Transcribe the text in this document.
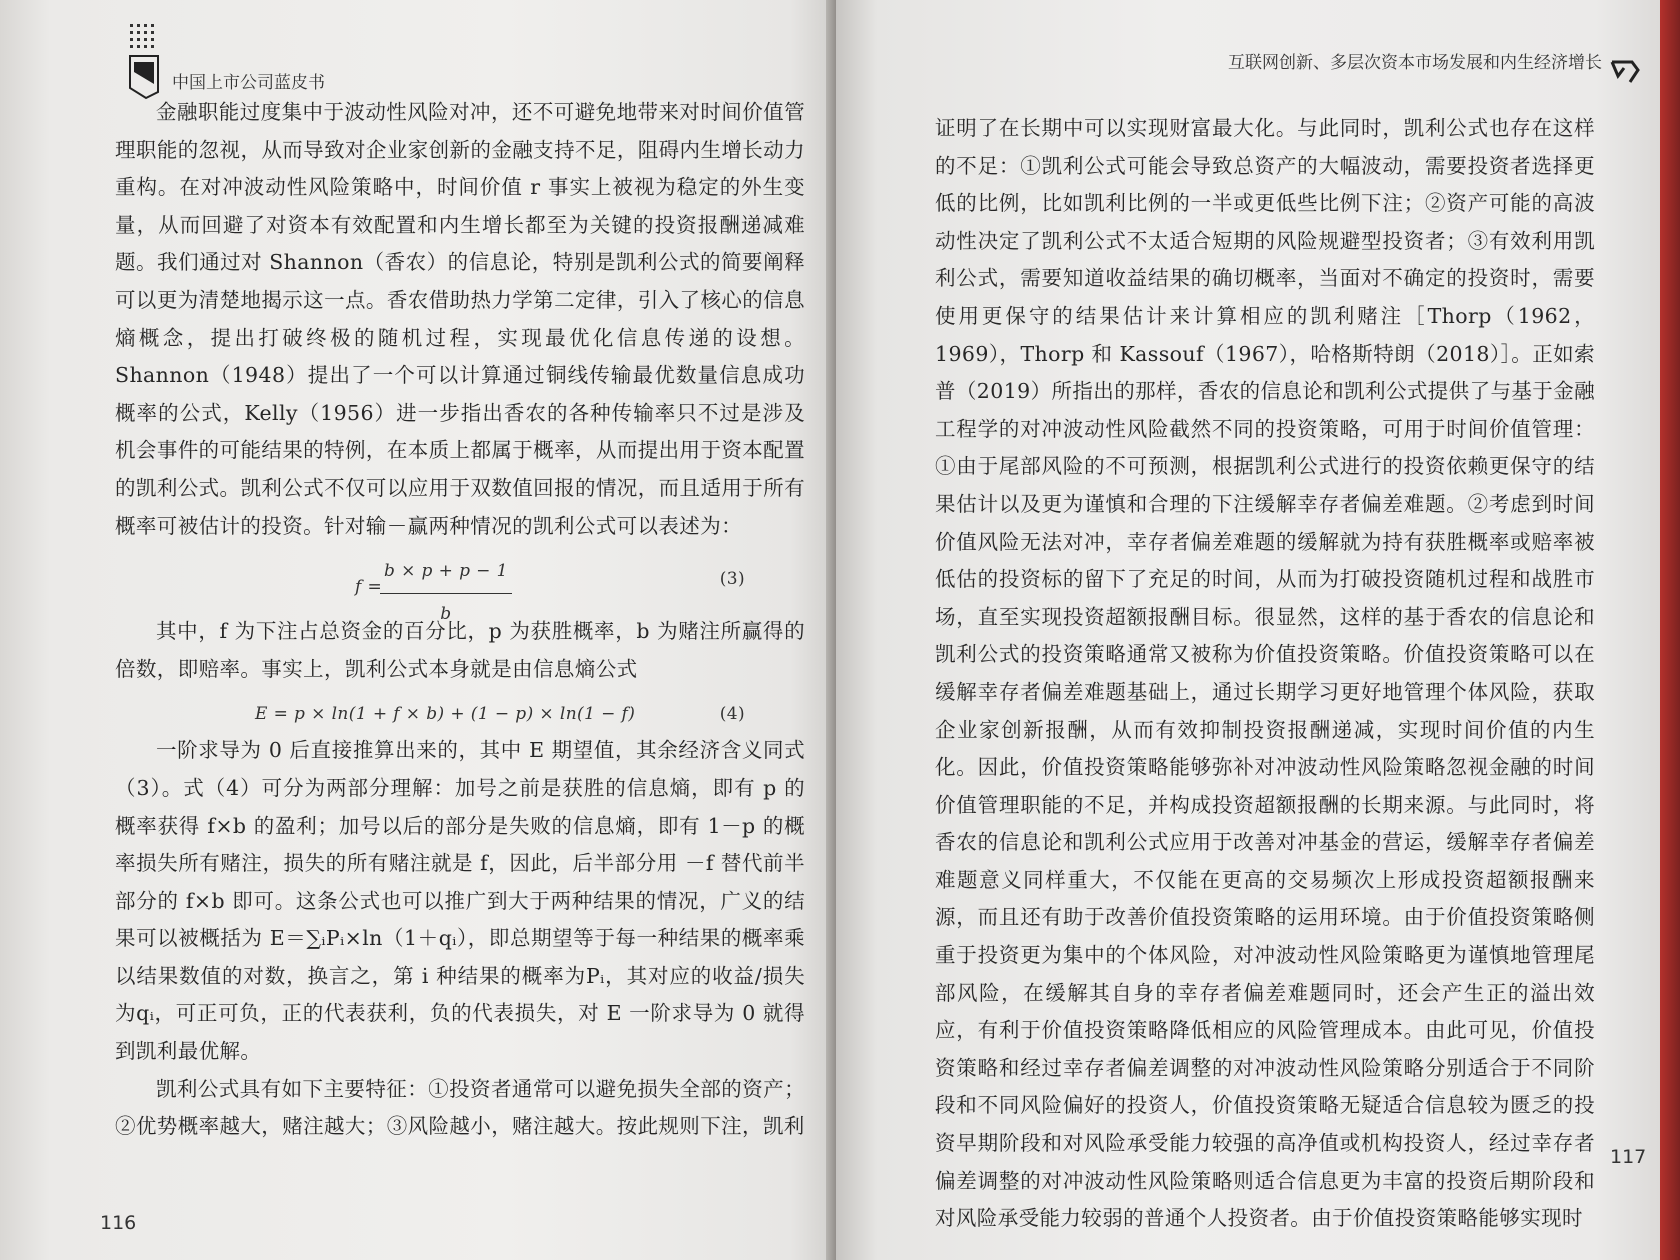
中国上市公司蓝皮书

金融职能过度集中于波动性风险对冲，还不可避免地带来对时间价值管理职能的忽视，从而导致对企业家创新的金融支持不足，阻碍内生增长动力重构。在对冲波动性风险策略中，时间价值 r 事实上被视为稳定的外生变量，从而回避了对资本有效配置和内生增长都至为关键的投资报酬递减难题。我们通过对 Shannon（香农）的信息论，特别是凯利公式的简要阐释可以更为清楚地揭示这一点。香农借助热力学第二定律，引入了核心的信息熵概念，提出打破终极的随机过程，实现最优化信息传递的设想。Shannon（1948）提出了一个可以计算通过铜线传输最优数量信息成功概率的公式，Kelly（1956）进一步指出香农的各种传输率只不过是涉及机会事件的可能结果的特例，在本质上都属于概率，从而提出用于资本配置的凯利公式。凯利公式不仅可以应用于双数值回报的情况，而且适用于所有概率可被估计的投资。针对输－赢两种情况的凯利公式可以表述为：

f =
$\frac{b \times p + p - 1}{b}$	(3)

其中，f 为下注占总资金的百分比，p 为获胜概率，b 为赌注所赢得的倍数，即赔率。事实上，凯利公式本身就是由信息熵公式

E = p × ln(1 + f × b) + (1 − p) × ln(1 − f)	(4)

一阶求导为 0 后直接推算出来的，其中 E 期望值，其余经济含义同式（3）。式（4）可分为两部分理解：加号之前是获胜的信息熵，即有 p 的概率获得 f×b 的盈利；加号以后的部分是失败的信息熵，即有 1－p 的概率损失所有赌注，损失的所有赌注就是 f，因此，后半部分用 －f 替代前半部分的 f×b 即可。这条公式也可以推广到大于两种结果的情况，广义的结果可以被概括为 E＝∑ᵢPᵢ×ln（1＋qᵢ），即总期望等于每一种结果的概率乘以结果数值的对数，换言之，第 i 种结果的概率为Pᵢ，其对应的收益/损失为qᵢ，可正可负，正的代表获利，负的代表损失，对 E 一阶求导为 0 就得到凯利最优解。

凯利公式具有如下主要特征：①投资者通常可以避免损失全部的资产；②优势概率越大，赌注越大；③风险越小，赌注越大。按此规则下注，凯利

116
互联网创新、多层次资本市场发展和内生经济增长

证明了在长期中可以实现财富最大化。与此同时，凯利公式也存在这样的不足：①凯利公式可能会导致总资产的大幅波动，需要投资者选择更低的比例，比如凯利比例的一半或更低些比例下注；②资产可能的高波动性决定了凯利公式不太适合短期的风险规避型投资者；③有效利用凯利公式，需要知道收益结果的确切概率，当面对不确定的投资时，需要使用更保守的结果估计来计算相应的凯利赌注［Thorp（1962，1969），Thorp 和 Kassouf（1967），哈格斯特朗（2018）］。正如索普（2019）所指出的那样，香农的信息论和凯利公式提供了与基于金融工程学的对冲波动性风险截然不同的投资策略，可用于时间价值管理：①由于尾部风险的不可预测，根据凯利公式进行的投资依赖更保守的结果估计以及更为谨慎和合理的下注缓解幸存者偏差难题。②考虑到时间价值风险无法对冲，幸存者偏差难题的缓解就为持有获胜概率或赔率被低估的投资标的留下了充足的时间，从而为打破投资随机过程和战胜市场，直至实现投资超额报酬目标。很显然，这样的基于香农的信息论和凯利公式的投资策略通常又被称为价值投资策略。价值投资策略可以在缓解幸存者偏差难题基础上，通过长期学习更好地管理个体风险，获取企业家创新报酬，从而有效抑制投资报酬递减，实现时间价值的内生化。因此，价值投资策略能够弥补对冲波动性风险策略忽视金融的时间价值管理职能的不足，并构成投资超额报酬的长期来源。与此同时，将香农的信息论和凯利公式应用于改善对冲基金的营运，缓解幸存者偏差难题意义同样重大，不仅能在更高的交易频次上形成投资超额报酬来源，而且还有助于改善价值投资策略的运用环境。由于价值投资策略侧重于投资更为集中的个体风险，对冲波动性风险策略更为谨慎地管理尾部风险，在缓解其自身的幸存者偏差难题同时，还会产生正的溢出效应，有利于价值投资策略降低相应的风险管理成本。由此可见，价值投资策略和经过幸存者偏差调整的对冲波动性风险策略分别适合于不同阶段和不同风险偏好的投资人，价值投资策略无疑适合信息较为匮乏的投资早期阶段和对风险承受能力较强的高净值或机构投资人，经过幸存者偏差调整的对冲波动性风险策略则适合信息更为丰富的投资后期阶段和对风险承受能力较弱的普通个人投资者。由于价值投资策略能够实现时

117
